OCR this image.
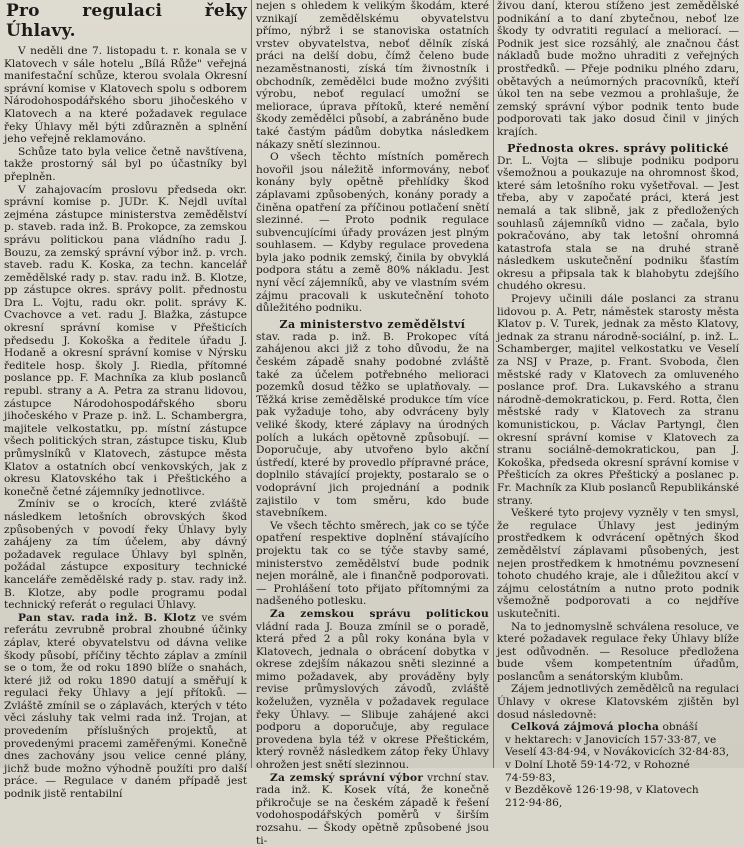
Pro regulaci řeky Úhlavy.

V neděli dne 7. listopadu t. r. konala se v Klatovech v sále hotelu „Bílá Růže" veřejná manifestační schůze, kterou svolala Okresní správní komise v Klatovech spolu s odborem Národohospodářského sboru jihočeského v Klatovech a na které požadavek regulace řeky Úhlavy měl býti zdůrazněn a splnění jeho veřejně reklamováno.

Schůze tato byla velice četně navštívena, takže prostorný sál byl po účastníky byl přeplněn.

V zahajovacím proslovu předseda okr. správní komise p. JUDr. K. Nejdl uvítal zejména zástupce ministerstva zemědělství p. staveb. rada inž. B. Prokopce, za zemskou správu politickou pana vládního radu J. Bouzu, za zemský správní výbor inž. p. vrch. staveb. radu K. Koska, za techn. kancelář zemědělské rady p. stav. radu inž. B. Klotze, pp zástupce okres. správy polit. přednostu Dra L. Vojtu, radu okr. polit. správy K. Cvachovce a vet. radu J. Blažka, zástupce okresní správní komise v Přešticích předsedu J. Kokoška a ředitele úřadu J. Hodaně a okresní správní komise v Nýrsku ředitele hosp. školy J. Riedla, přítomné poslance pp. F. Machníka za klub poslanců republ. strany a A. Petra za stranu lidovou, zástupce Národohospodářského sboru jihočeského v Praze p. inž. L. Schambergra, majitele velkostatku, pp. místní zástupce všech politických stran, zástupce tisku, Klub průmyslníků v Klatovech, zástupce města Klatov a ostatních obcí venkovských, jak z okresu Klatovského tak i Přeštického a konečně četné zájemníky jednotlivce.

Zmíniv se o krocích, které zvláště následkem letošních obrovských škod způsobených v povodí řeky Úhlavy byly zahájeny za tím účelem, aby dávný požadavek regulace Úhlavy byl splněn, požádal zástupce expositury technické kanceláře zemědělské rady p. stav. rady inž. B. Klotze, aby podle programu podal technický referát o regulaci Úhlavy.

Pan stav. rada inž. B. Klotz ve svém referátu zevrubně probral zhoubné účinky záplav, které obyvatelstvu od dávna velike škody působí, příčiny těchto záplav a zmínil se o tom, že od roku 1890 blíže o snahách, které již od roku 1890 datují a směřují k regulaci řeky Úhlavy a její přítoků. — Zvláště zmínil se o záplavách, kterých v této věci zásluhy tak velmi rada inž. Trojan, at provedením příslušných projektů, at provedenými pracemi zaměřenými. Konečně dnes zachovány jsou velice cenné plány, jichž bude možno výhodně použíti pro další práce. — Regulace v daném případě jest podnik jistě rentabilní

nejen s ohledem k velikým škodám, které vznikají zemědělskému obyvatelstvu přímo, nýbrž i se stanoviska ostatních vrstev obyvatelstva, neboť dělník získá práci na delší dobu, čímž čeleno bude nezaměstnanosti, získá tím živnostník i obchodník, zemědělci bude možno zvýšiti výrobu, neboť regulací umožní se meliorace, úprava přítoků, které nemění škody zemědělci působí, a zabráněno bude také častým pádům dobytka následkem nákazy snětí slezinnou.

O všech těchto místních poměrech hovořil jsou náležitě informovány, neboť konány byly opětně přehlídky škod záplavami způsobených, konány porady a činěna opatření za příčinou potlačení snětí slezinné. — Proto podnik regulace subvencujícími úřady provázen jest plným souhlasem. — Kdyby regulace provedena byla jako podnik zemský, činila by obvyklá podpora státu a země 80% nákladu. Jest nyní věcí zájemníků, aby ve vlastním svém zájmu pracovali k uskutečnění tohoto důležitého podniku.

Za ministerstvo zemědělství

stav. rada p. inž. B. Prokopec vítá zahájenou akci již z toho důvodu, že na českém západě snahy podobné zvláště také za účelem potřebného melioraci pozemků dosud těžko se uplatňovaly. — Těžká krise zemědělské produkce tím více pak vyžaduje toho, aby odvráceny byly veliké škody, které záplavy na úrodných polích a lukách opětovně způsobují. — Doporučuje, aby utvořeno bylo akční ústředí, které by provedlo přípravné práce, doplnilo stávající projekty, postaralo se o vodoprávní jich projednání a podnik zajistilo v tom směru, kdo bude stavebníkem.

Ve všech těchto směrech, jak co se týče opatření respektive doplnění stávajícího projektu tak co se týče stavby samé, ministerstvo zemědělství bude podnik nejen morálně, ale i finančně podporovati. — Prohlášení toto přijato přítomnými za nadšeného potlesku.

Za zemskou správu politickou vládní rada J. Bouza zmínil se o poradě, která před 2 a půl roky konána byla v Klatovech, jednala o obrácení dobytka v okrese zdejším nákazou sněti slezinné a mimo požadavek, aby prováděny byly revise průmyslových závodů, zvláště koželužen, vyzněla v požadavek regulace řeky Úhlavy. — Slibuje zahájené akci podporu a doporučuje, aby regulace provedena byla též v okrese Přeštickém, který rovněž následkem zátop řeky Úhlavy ohrožen jest snětí slezinnou.

Za zemský správní výbor vrchní stav. rada inž. K. Kosek vítá, že konečně přikročuje se na českém západě k řešení vodohospodářských poměrů v širším rozsahu. — Škody opětně způsobené jsou ti-

živou daní, kterou stíženo jest zemědělské podnikání a to daní zbytečnou, neboť lze škody ty odvratiti regulací a meliorací. — Podnik jest sice rozsáhlý, ale značnou část nákladů bude možno uhraditi z veřejných prostředků. — Přeje podniku plného zdaru, obětavých a neúmorných pracovníků, kteří úkol ten na sebe vezmou a prohlašuje, že zemský správní výbor podnik tento bude podporovati tak jako dosud činil v jiných krajích.

Přednosta okres. správy politické

Dr. L. Vojta — slibuje podniku podporu všemožnou a poukazuje na ohromnost škod, které sám letošního roku vyšetřoval. — Jest třeba, aby v započaté práci, která jest nemalá a tak slibně, jak z předložených souhlasů zájemníků vidno — začala, bylo pokračováno, aby tak letošní ohromná katastrofa stala se na druhé straně následkem uskutečnění podniku šťastím okresu a připsala tak k blahobytu zdejšího chudého okresu.

Projevy učinili dále poslanci za stranu lidovou p. A. Petr, náměstek starosty města Klatov p. V. Turek, jednak za město Klatovy, jednak za stranu národně-sociální, p. inž. L. Schamberger, majitel velkostatku ve Veselí za NSJ v Praze, p. Frant. Svoboda, člen městské rady v Klatovech za omluveného poslance prof. Dra. Lukavského a stranu národně-demokratickou, p. Ferd. Rotta, člen městské rady v Klatovech za stranu komunistickou, p. Václav Partyngl, člen okresní správní komise v Klatovech za stranu sociálně-demokratickou, pan J. Kokoška, předseda okresní správní komise v Přešticích za okres Přeštický a poslanec p. Fr. Machník za Klub poslanců Republikánské strany.

Veškeré tyto projevy vyzněly v ten smysl, že regulace Úhlavy jest jediným prostředkem k odvrácení opětných škod zemědělství záplavami působených, jest nejen prostředkem k hmotnému povznesení tohoto chudého kraje, ale i důležitou akcí v zájmu celostátním a nutno proto podnik všemožně podporovati a co nejdříve uskutečniti.

Na to jednomyslně schválena resoluce, ve které požadavek regulace řeky Úhlavy blíže jest odůvodněn. — Resoluce předložena bude všem kompetentním úřadům, poslancům a senátorským klubům.

Zájem jednotlivých zemědělců na regulaci Úhlavy v okrese Klatovském zjištěn byl dosud následovně:

Celková zájmová plocha obnáší

v hektarech: v Janovicích 157·33·87, ve
Veselí 43·84·94, v Novákovicích 32·84·83,
v Dolní Lhotě 59·14·72, v Rohozné 74·59·83,
v Bezděkově 126·19·98, v Klatovech 212·94·86,
